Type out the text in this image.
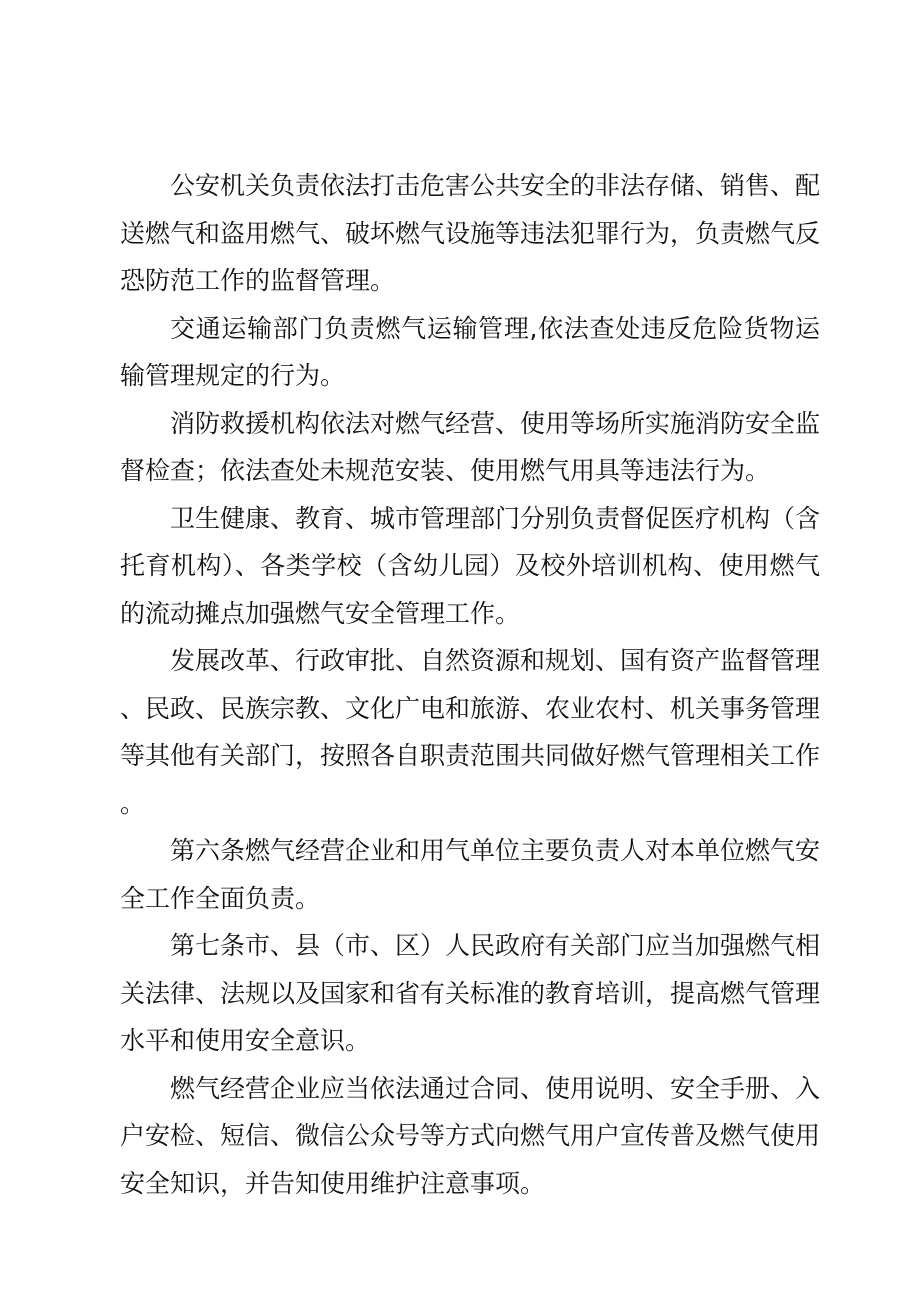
公安机关负责依法打击危害公共安全的非法存储、销售、配送燃气和盗用燃气、破坏燃气设施等违法犯罪行为，负责燃气反恐防范工作的监督管理。

交通运输部门负责燃气运输管理,依法查处违反危险货物运输管理规定的行为。

消防救援机构依法对燃气经营、使用等场所实施消防安全监督检查；依法查处未规范安装、使用燃气用具等违法行为。

卫生健康、教育、城市管理部门分别负责督促医疗机构（含托育机构）、各类学校（含幼儿园）及校外培训机构、使用燃气的流动摊点加强燃气安全管理工作。

发展改革、行政审批、自然资源和规划、国有资产监督管理、民政、民族宗教、文化广电和旅游、农业农村、机关事务管理等其他有关部门，按照各自职责范围共同做好燃气管理相关工作。

第六条燃气经营企业和用气单位主要负责人对本单位燃气安全工作全面负责。

第七条市、县（市、区）人民政府有关部门应当加强燃气相关法律、法规以及国家和省有关标准的教育培训，提高燃气管理水平和使用安全意识。

燃气经营企业应当依法通过合同、使用说明、安全手册、入户安检、短信、微信公众号等方式向燃气用户宣传普及燃气使用安全知识，并告知使用维护注意事项。
